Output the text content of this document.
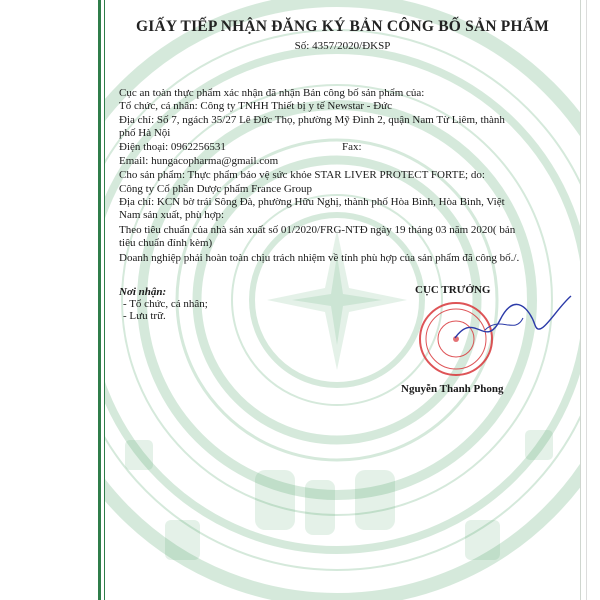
GIẤY TIẾP NHẬN ĐĂNG KÝ BẢN CÔNG BỐ SẢN PHẨM
Số: 4357/2020/ĐKSP
Cục an toàn thực phẩm xác nhận đã nhận Bản công bố sản phẩm của:
Tổ chức, cá nhân: Công ty TNHH Thiết bị y tế Newstar - Đức
Địa chỉ: Số 7, ngách 35/27 Lê Đức Thọ, phường Mỹ Đình 2, quận Nam Từ Liêm, thành
phố Hà Nội
Điện thoại: 0962256531	Fax:
Email: hungacopharma@gmail.com
Cho sản phẩm: Thực phẩm bảo vệ sức khỏe STAR LIVER PROTECT FORTE; do:
Công ty Cổ phần Dược phẩm France Group
Địa chỉ: KCN bờ trái Sông Đà, phường Hữu Nghị, thành phố Hòa Bình, Hòa Bình, Việt
Nam sản xuất, phù hợp:
Theo tiêu chuẩn của nhà sản xuất số 01/2020/FRG-NTĐ ngày 19 tháng 03 năm 2020( bản
tiêu chuẩn đính kèm)
Doanh nghiệp phải hoàn toàn chịu trách nhiệm về tính phù hợp của sản phẩm đã công bố./.
Nơi nhận:
- Tổ chức, cá nhân;
- Lưu trữ.
CỤC TRƯỞNG
Nguyễn Thanh Phong
